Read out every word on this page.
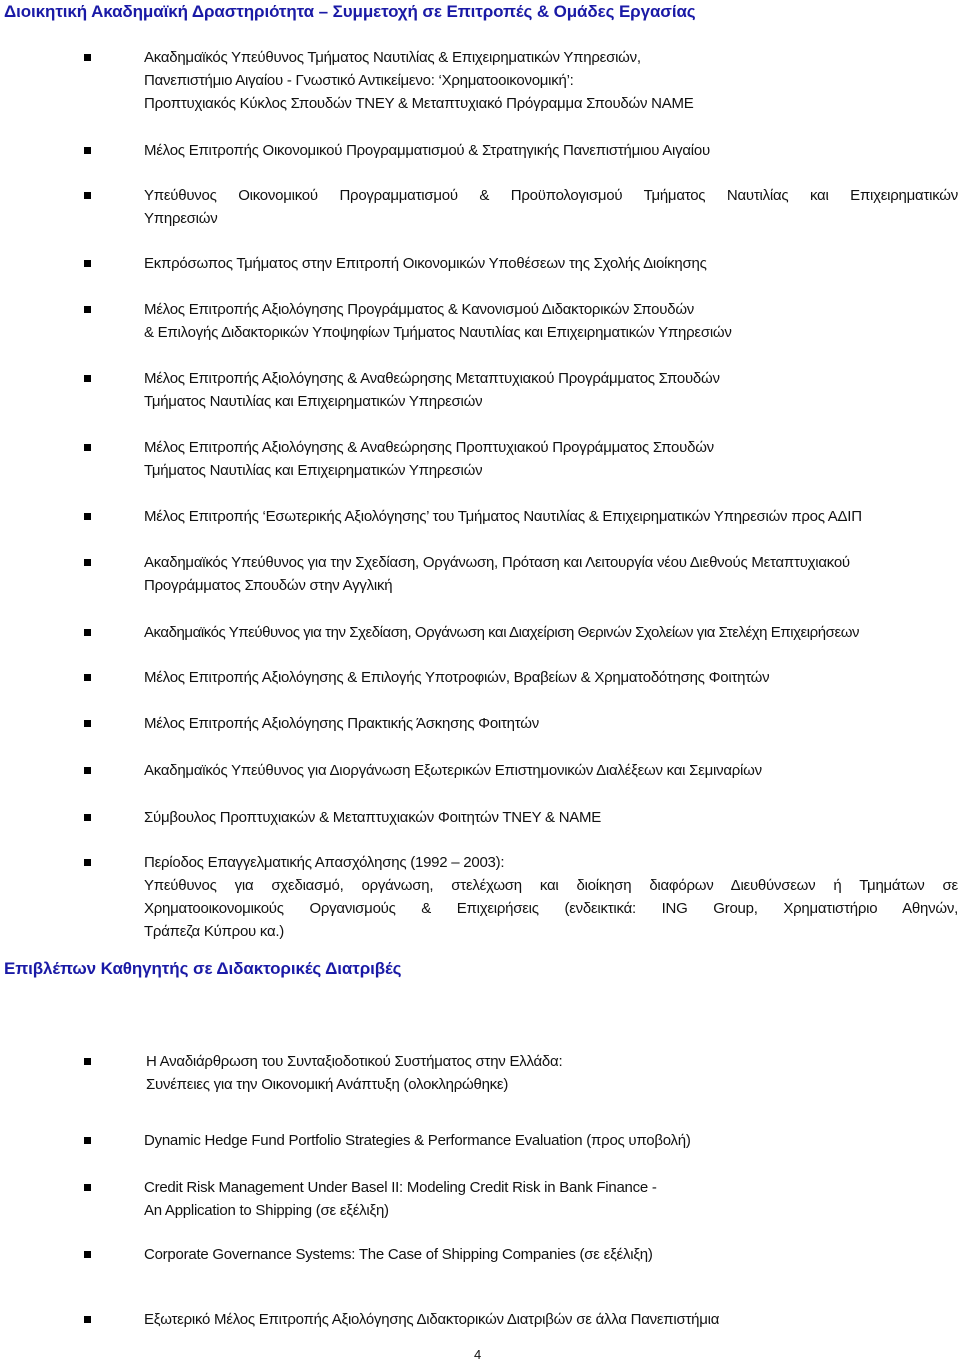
Διοικητική Ακαδημαϊκή Δραστηριότητα – Συμμετοχή σε Επιτροπές & Ομάδες Εργασίας
Ακαδημαϊκός Υπεύθυνος Τμήματος Ναυτιλίας & Επιχειρηματικών Υπηρεσιών,
Πανεπιστήμιο Αιγαίου - Γνωστικό Αντικείμενο: ‘Χρηματοοικονομική’:
Προπτυχιακός Κύκλος Σπουδών ΤΝΕΥ & Μεταπτυχιακό Πρόγραμμα Σπουδών ΝΑΜΕ
Μέλος Επιτροπής Οικονομικού Προγραμματισμού & Στρατηγικής Πανεπιστήμιου Αιγαίου
Υπεύθυνος Οικονομικού Προγραμματισμού & Προϋπολογισμού Τμήματος Ναυτιλίας και Επιχειρηματικών
Υπηρεσιών
Εκπρόσωπος Τμήματος στην Επιτροπή Οικονομικών Υποθέσεων της Σχολής Διοίκησης
Μέλος Επιτροπής Αξιολόγησης Προγράμματος & Κανονισμού Διδακτορικών Σπουδών
& Επιλογής Διδακτορικών Υποψηφίων Τμήματος Ναυτιλίας και Επιχειρηματικών Υπηρεσιών
Μέλος Επιτροπής Αξιολόγησης & Αναθεώρησης Μεταπτυχιακού Προγράμματος Σπουδών
Τμήματος Ναυτιλίας και Επιχειρηματικών Υπηρεσιών
Μέλος Επιτροπής Αξιολόγησης & Αναθεώρησης Προπτυχιακού Προγράμματος Σπουδών
Τμήματος Ναυτιλίας και Επιχειρηματικών Υπηρεσιών
Μέλος Επιτροπής ‘Εσωτερικής Αξιολόγησης’ του Τμήματος Ναυτιλίας & Επιχειρηματικών Υπηρεσιών προς ΑΔΙΠ
Ακαδημαϊκός Υπεύθυνος για την Σχεδίαση, Οργάνωση, Πρόταση και Λειτουργία νέου Διεθνούς Μεταπτυχιακού
Προγράμματος Σπουδών στην Αγγλική
Ακαδημαϊκός Υπεύθυνος για την Σχεδίαση, Οργάνωση και Διαχείριση Θερινών Σχολείων για Στελέχη Επιχειρήσεων
Μέλος Επιτροπής Αξιολόγησης & Επιλογής Υποτροφιών, Βραβείων & Χρηματοδότησης Φοιτητών
Μέλος Επιτροπής Αξιολόγησης Πρακτικής Άσκησης Φοιτητών
Ακαδημαϊκός Υπεύθυνος για Διοργάνωση Εξωτερικών Επιστημονικών Διαλέξεων και Σεμιναρίων
Σύμβουλος Προπτυχιακών & Μεταπτυχιακών Φοιτητών ΤΝΕΥ & ΝΑΜΕ
Περίοδος Επαγγελματικής Απασχόλησης (1992 – 2003):
Υπεύθυνος για σχεδιασμό, οργάνωση, στελέχωση και διοίκηση διαφόρων Διευθύνσεων ή Τμημάτων σε
Χρηματοοικονομικούς Οργανισμούς & Επιχειρήσεις (ενδεικτικά: ING Group, Χρηματιστήριο Αθηνών,
Τράπεζα Κύπρου κα.)
Επιβλέπων Καθηγητής σε Διδακτορικές Διατριβές
Η Αναδιάρθρωση του Συνταξιοδοτικού Συστήματος στην Ελλάδα:
Συνέπειες για την Οικονομική Ανάπτυξη (ολοκληρώθηκε)
Dynamic Hedge Fund Portfolio Strategies & Performance Evaluation (προς υποβολή)
Credit Risk Management Under Basel II: Modeling Credit Risk in Bank Finance -
An Application to Shipping (σε εξέλιξη)
Corporate Governance Systems: The Case of Shipping Companies (σε εξέλιξη)
Εξωτερικό Μέλος Επιτροπής Αξιολόγησης Διδακτορικών Διατριβών σε άλλα Πανεπιστήμια
4
